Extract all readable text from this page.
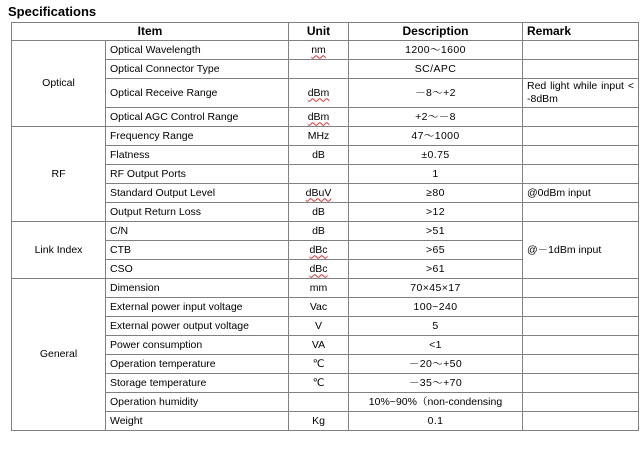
Specifications
Item		Unit	Description	Remark
Optical	Optical Wavelength	nm	1200～1600	
	Optical Connector Type		SC/APC	
	Optical Receive Range	dBm	－8～+2	Red light while input < -8dBm
	Optical AGC Control Range	dBm	+2～－8	
RF	Frequency Range	MHz	47～1000	
	Flatness	dB	±0.75	
	RF Output Ports		1	
	Standard Output Level	dBuV	≥80	@0dBm input
	Output Return Loss	dB	>12	
Link Index	C/N	dB	>51	@－1dBm input
	CTB	dBc	>65	
	CSO	dBc	>61	
General	Dimension	mm	70×45×17	
	External power input voltage	Vac	100~240	
	External power output voltage	V	5	
	Power consumption	VA	<1	
	Operation temperature	℃	－20～+50	
	Storage temperature	℃	－35～+70	
	Operation humidity		10%~90%（non-condensing	
	Weight	Kg	0.1	
